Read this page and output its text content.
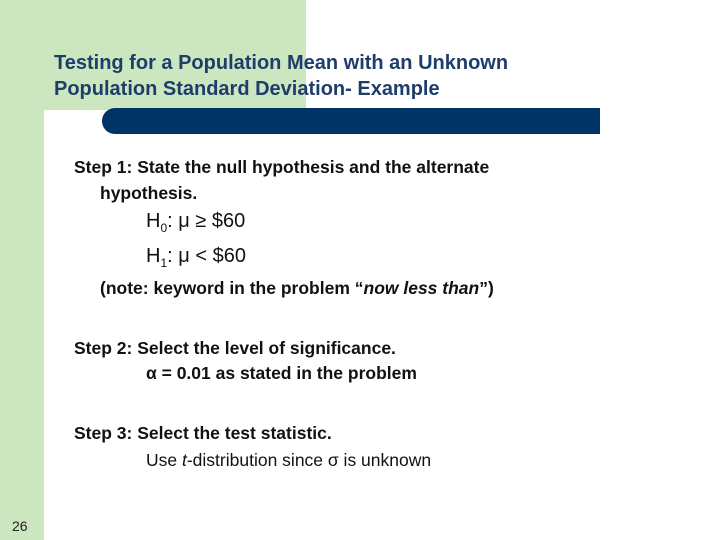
Testing for a Population Mean with an Unknown
Population Standard Deviation- Example
Step 1: State the null hypothesis and the alternate
hypothesis.
$H_0$: μ ≥ $60
$H_1$: μ < $60
(note: keyword in the problem “now less than”)
Step 2: Select the level of significance.
α = 0.01 as stated in the problem
Step 3: Select the test statistic.
Use t-distribution since σ is unknown
26
